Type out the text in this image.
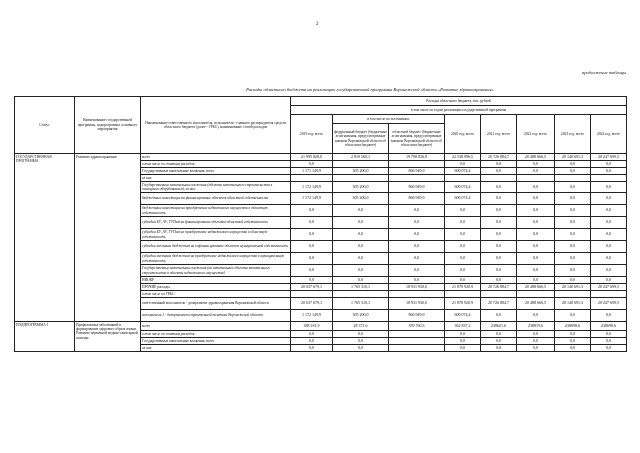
2
продолжение таблицы
Расходы областного бюджета на реализацию государственной программы Воронежской области «Развитие здравоохранения»
Статус	Наименование государственной программы, подпрограммы, основного мероприятия	Наименование ответственного исполнителя, исполнителя - главного распорядителя средств областного бюджета (далее - ГРБС), наименование статей расходов	Расходы областного бюджета, тыс. рублей							
			в том числе по годам реализации государственной программы							
			2019 год, всего	в том числе по источникам:		2020 год, всего	2021 год, всего	2022 год, всего	2023 год, всего	2024 год, всего
				федеральный бюджет (бюджетные ассигнования, предусмотренные законом Воронежской области об областном бюджете)	областной бюджет (бюджетные ассигнования, предусмотренные законом Воронежской области об областном бюджете)					
ГОСУДАРСТВЕННАЯ ПРОГРАММА	Развитие здравоохранения	всего	21 995 828,0	2 810 560,1	19 798 836,8	22 538 996,5	20 726 884,7	20 488 666,5	20 140 691,3	20 247 699,5
		в том числе по статьям расходов:	0,0			0,0	0,0	0,0	0,0	0,0
		Государственные капитальные вложения, всего	1 171 149,9	305 200,0	866 949,9	600 074,4	0,0	0,0	0,0	0,0
		из них:								
		Государственные капитальные вложения (объекты капитального строительства в оснащении оборудованием), из них:	1 172 149,9	305 200,0	866 949,9	600 074,4	0,0	0,0	0,0	0,0
		бюджетные инвестиции на финансирование объектов областной собственности	1 172 149,9	305 200,0	866 949,9	600 074,4	0,0	0,0	0,0	0,0
		бюджетные инвестиции на приобретение недвижимого имущества в областную собственность	0,0	0,0	0,0	0,0	0,0	0,0	0,0	0,0
		субсидии БУ, АУ, ГУПам на финансирование объектов областной собственности	0,0	0,0	0,0	0,0	0,0	0,0	0,0	0,0
		субсидии БУ, АУ, ГУПам на приобретение недвижимого имущества в областную собственность	0,0	0,0	0,0	0,0	0,0	0,0	0,0	0,0
		субсидии местным бюджетам на софинансирование объектов муниципальной собственности	0,0	0,0	0,0	0,0	0,0	0,0	0,0	0,0
		субсидии местным бюджетам на приобретение недвижимого имущества в муниципальную собственность	0,0	0,0	0,0	0,0	0,0	0,0	0,0	0,0
		Государственные капитальные вложения (на капитальные объекты капитального строительства в объекты недвижимого имущества)	0,0	0,0	0,0	0,0	0,0	0,0	0,0	0,0
		НИОКР	0,0	0,0	0,0	0,0	0,0	0,0	0,0	0,0
		ПРОЧИЕ расходы	20 037 679,1	1 765 310,1	18 931 930,0	21 878 920,9	20 726 884,7	20 488 666,5	20 140 691,3	20 247 699,5
		в том числе по ГРБС:								
		ответственный исполнитель - департамент здравоохранения Воронежской области	20 037 679,1	1 765 310,1	18 931 930,0	21 878 920,9	20 726 884,7	20 488 666,5	20 140 691,3	20 247 699,5
		исполнитель 1 - департамент строительной политики Воронежской области	1 172 149,9	305 200,0	866 949,9	600 074,4	0,0	0,0	0,0	0,0
ПОДПРОГРАММА 1	Профилактика заболеваний и формирование здорового образа жизни. Развитие первичной медико-санитарной помощи	всего	388 181,9	28 371,6	359 760,3	362 837,2	238621,6	238819,6	238698,6	238698,6
		в том числе по статьям расходов:	0,0	0,0		0,0	0,0	0,0	0,0	0,0
		Государственные капитальные вложения, всего	0,0	0,0		0,0	0,0	0,0	0,0	0,0
		из них:	0,0	0,0		0,0	0,0	0,0	0,0	0,0
